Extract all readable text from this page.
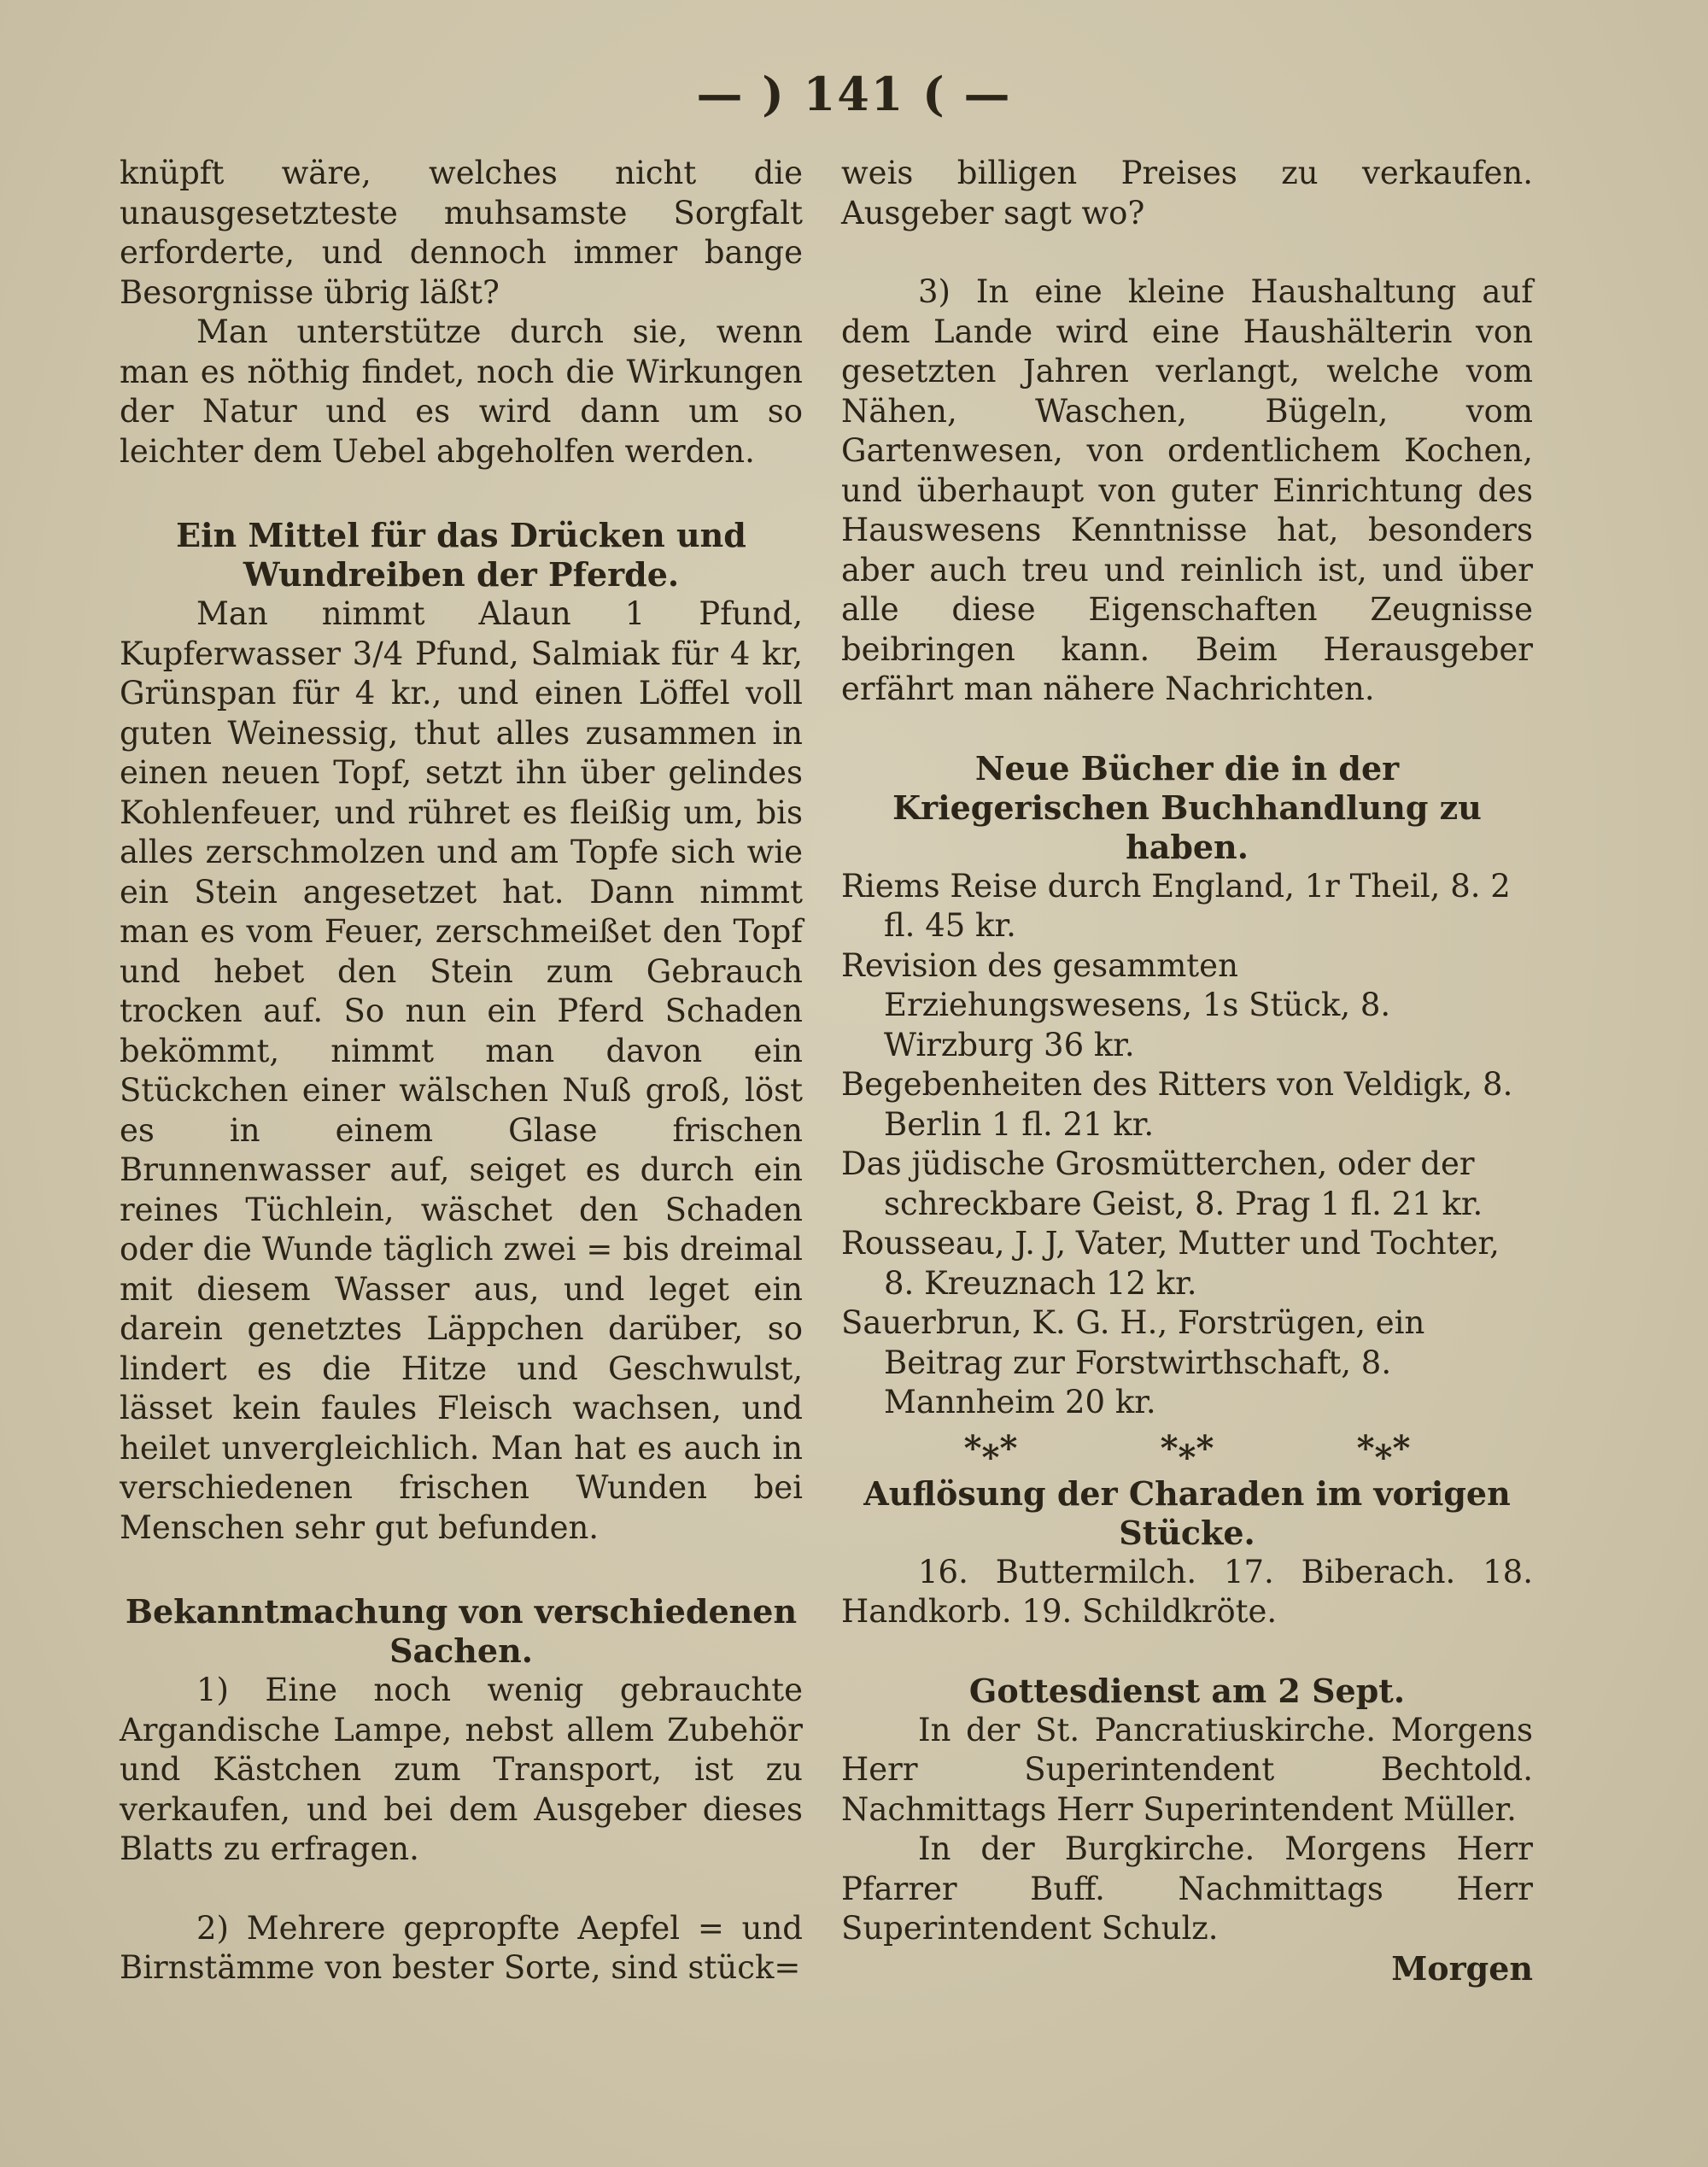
— ) 141 ( —

knüpft wäre, welches nicht die unausgesetzteste muhsamste Sorgfalt erforderte, und dennoch immer bange Besorgnisse übrig läßt?

Man unterstütze durch sie, wenn man es nöthig findet, noch die Wirkungen der Natur und es wird dann um so leichter dem Uebel abgeholfen werden.

Ein Mittel für das Drücken und Wundreiben der Pferde.

Man nimmt Alaun 1 Pfund, Kupferwasser 3/4 Pfund, Salmiak für 4 kr, Grünspan für 4 kr., und einen Löffel voll guten Weinessig, thut alles zusammen in einen neuen Topf, setzt ihn über gelindes Kohlenfeuer, und rühret es fleißig um, bis alles zerschmolzen und am Topfe sich wie ein Stein angesetzet hat. Dann nimmt man es vom Feuer, zerschmeißet den Topf und hebet den Stein zum Gebrauch trocken auf. So nun ein Pferd Schaden bekömmt, nimmt man davon ein Stückchen einer wälschen Nuß groß, löst es in einem Glase frischen Brunnenwasser auf, seiget es durch ein reines Tüchlein, wäschet den Schaden oder die Wunde täglich zwei = bis dreimal mit diesem Wasser aus, und leget ein darein genetztes Läppchen darüber, so lindert es die Hitze und Geschwulst, lässet kein faules Fleisch wachsen, und heilet unvergleichlich. Man hat es auch in verschiedenen frischen Wunden bei Menschen sehr gut befunden.

Bekanntmachung von verschiedenen Sachen.

1) Eine noch wenig gebrauchte Argandische Lampe, nebst allem Zubehör und Kästchen zum Transport, ist zu verkaufen, und bei dem Ausgeber dieses Blatts zu erfragen.

2) Mehrere gepropfte Aepfel = und Birnstämme von bester Sorte, sind stück=

weis billigen Preises zu verkaufen. Ausgeber sagt wo?

3) In eine kleine Haushaltung auf dem Lande wird eine Haushälterin von gesetzten Jahren verlangt, welche vom Nähen, Waschen, Bügeln, vom Gartenwesen, von ordentlichem Kochen, und überhaupt von guter Einrichtung des Hauswesens Kenntnisse hat, besonders aber auch treu und reinlich ist, und über alle diese Eigenschaften Zeugnisse beibringen kann. Beim Herausgeber erfährt man nähere Nachrichten.

Neue Bücher die in der Kriegerischen Buchhandlung zu haben.

Riems Reise durch England, 1r Theil, 8. 2 fl. 45 kr.

Revision des gesammten Erziehungswesens, 1s Stück, 8. Wirzburg 36 kr.

Begebenheiten des Ritters von Veldigk, 8. Berlin 1 fl. 21 kr.

Das jüdische Grosmütterchen, oder der schreckbare Geist, 8. Prag 1 fl. 21 kr.

Rousseau, J. J, Vater, Mutter und Tochter, 8. Kreuznach 12 kr.

Sauerbrun, K. G. H., Forstrügen, ein Beitrag zur Forstwirthschaft, 8. Mannheim 20 kr.

*⁎*	*⁎*	*⁎*
Auflösung der Charaden im vorigen Stücke.

16. Buttermilch. 17. Biberach. 18. Handkorb. 19. Schildkröte.

Gottesdienst am 2 Sept.

In der St. Pancratiuskirche. Morgens Herr Superintendent Bechtold. Nachmittags Herr Superintendent Müller.

In der Burgkirche. Morgens Herr Pfarrer Buff. Nachmittags Herr Superintendent Schulz.

Morgen
